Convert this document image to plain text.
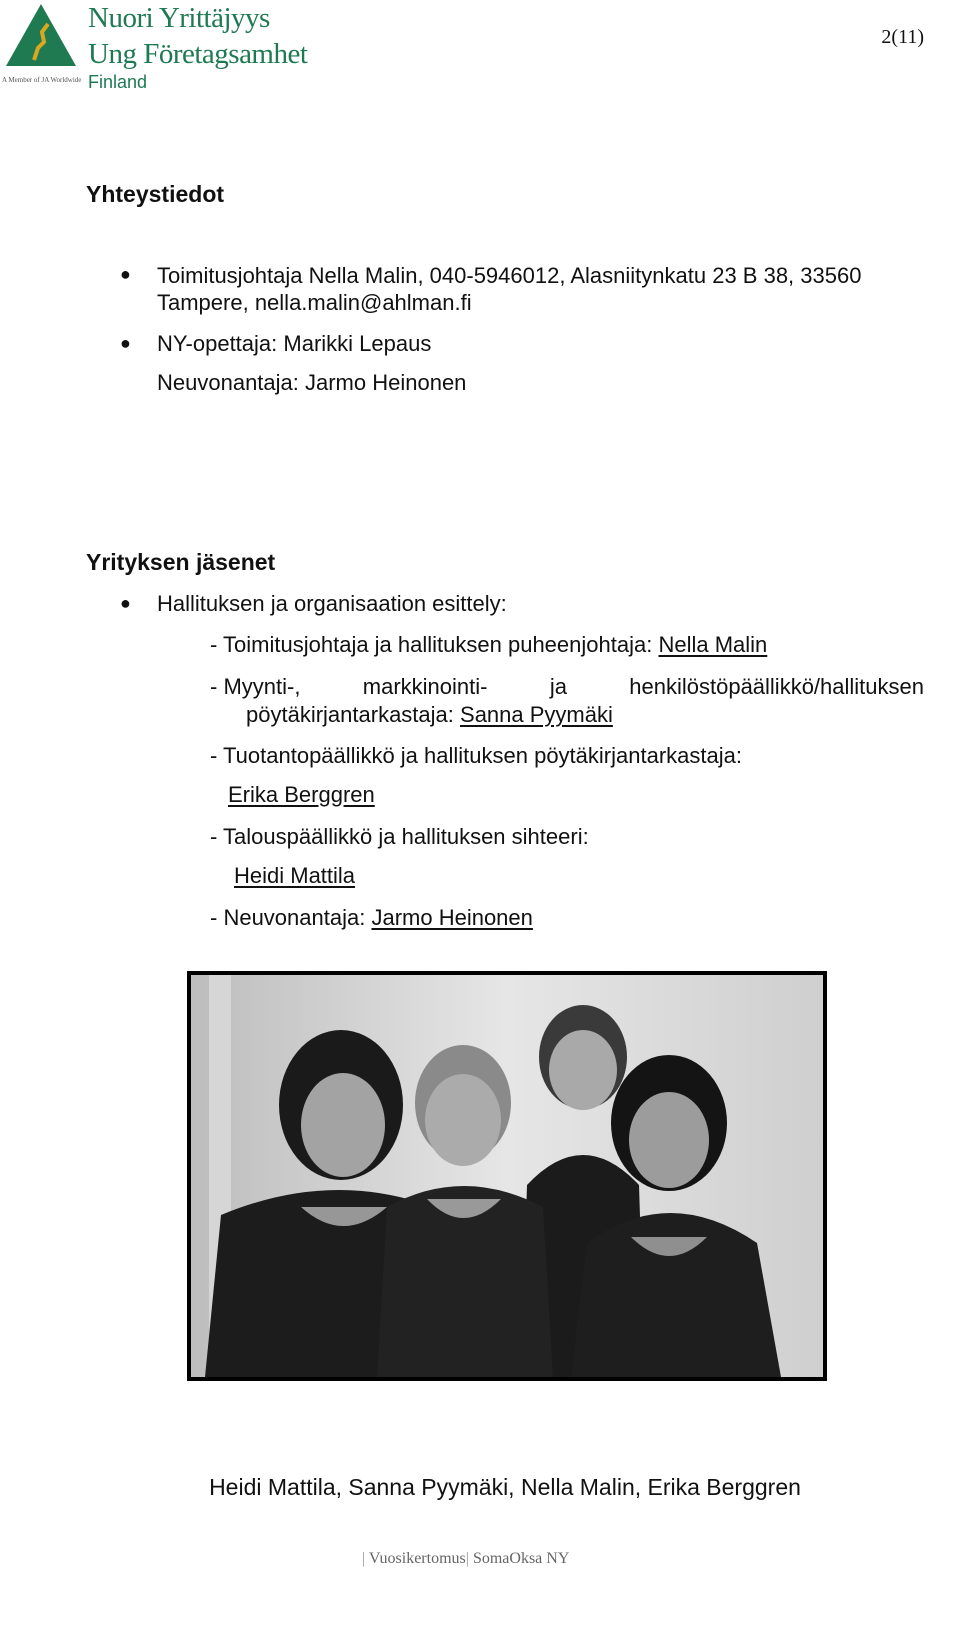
Nuori Yrittäjyys
Ung Företagsamhet
Finland
A Member of JA Worldwide
2(11)
Yhteystiedot
● Toimitusjohtaja Nella Malin, 040-5946012, Alasniitynkatu 23 B 38, 33560
Tampere, nella.malin@ahlman.fi
● NY-opettaja: Marikki Lepaus
Neuvonantaja: Jarmo Heinonen
Yrityksen jäsenet
● Hallituksen ja organisaation esittely:
- Toimitusjohtaja ja hallituksen puheenjohtaja: Nella Malin
- Myynti-,	markkinointi-	ja	henkilöstöpäällikkö/hallituksen
pöytäkirjantarkastaja: Sanna Pyymäki
- Tuotantopäällikkö ja hallituksen pöytäkirjantarkastaja:
Erika Berggren
- Talouspäällikkö ja hallituksen sihteeri:
Heidi Mattila
- Neuvonantaja: Jarmo Heinonen
Heidi Mattila, Sanna Pyymäki, Nella Malin, Erika Berggren
| Vuosikertomus| SomaOksa NY
